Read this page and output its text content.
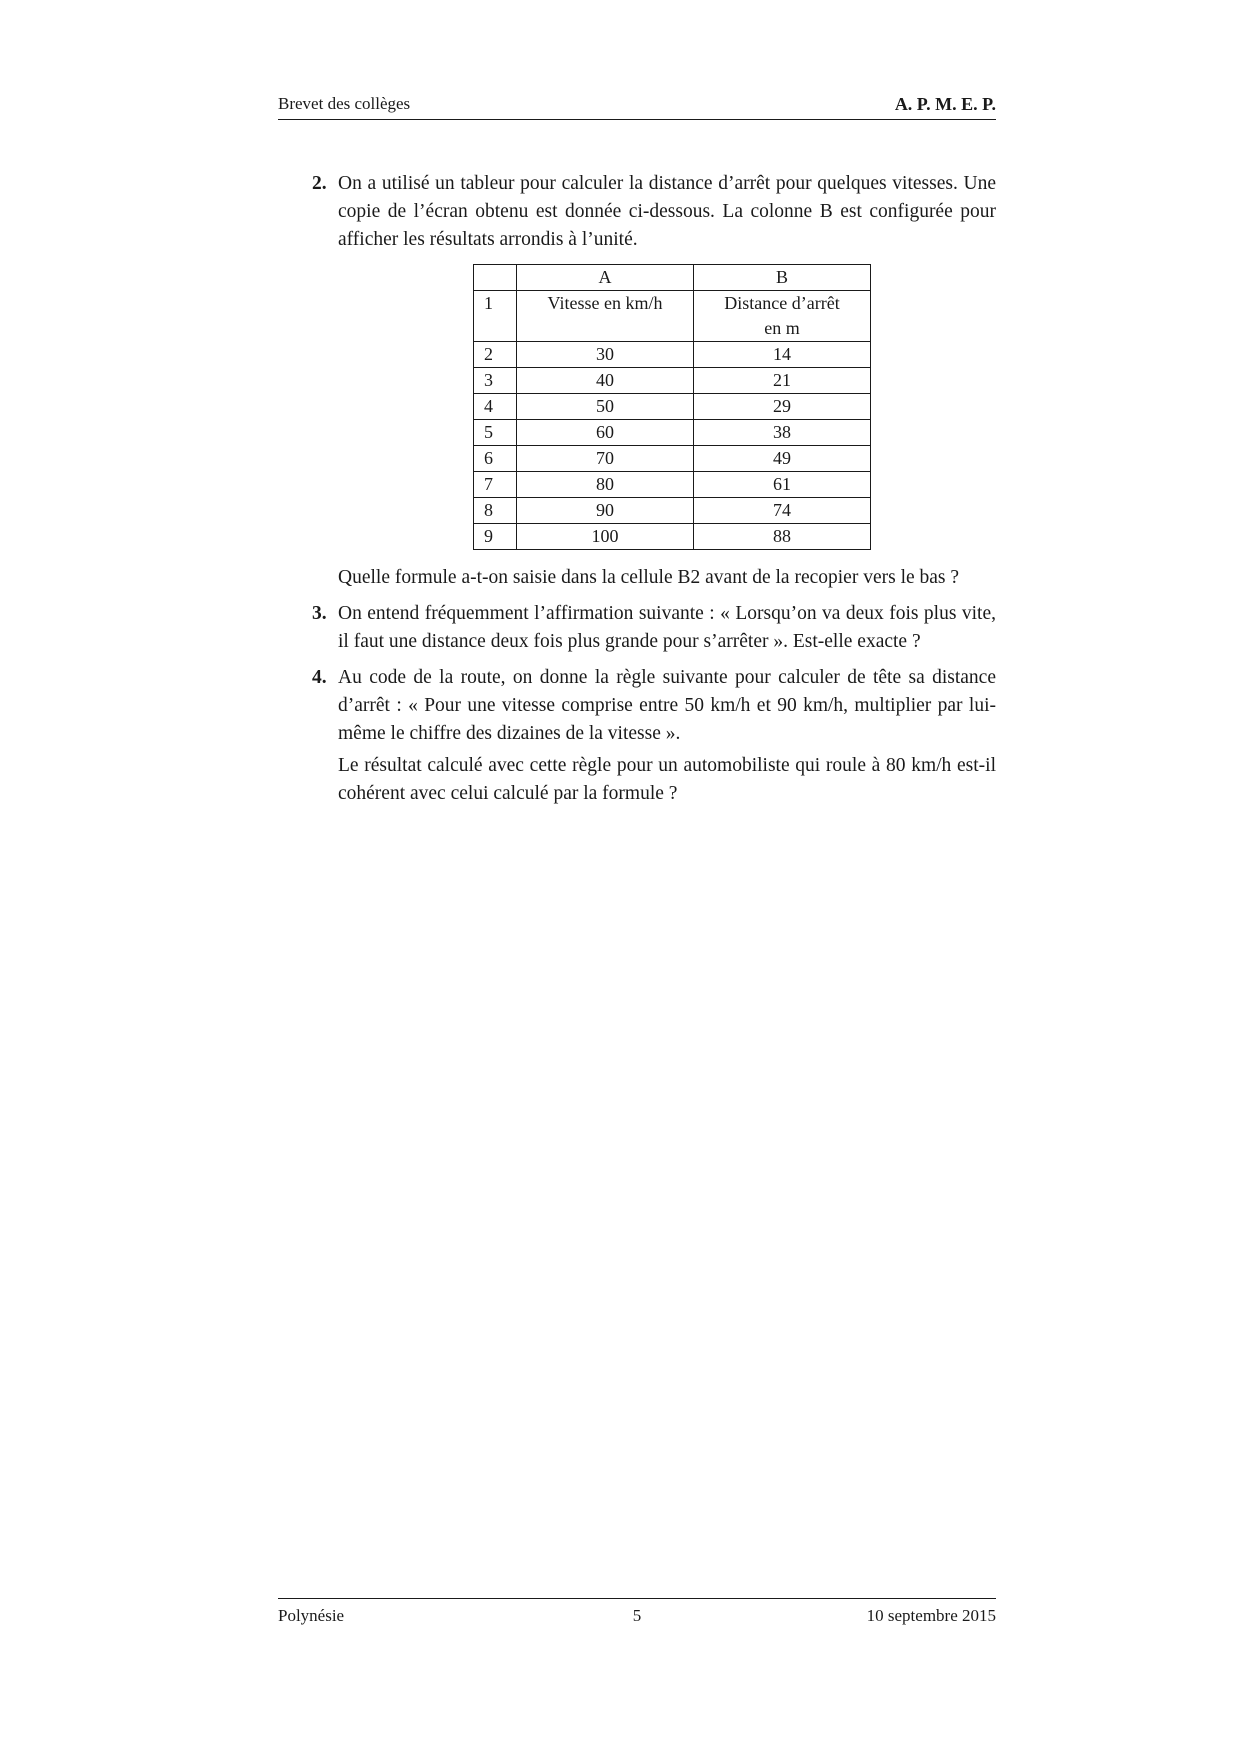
Brevet des collèges	A. P. M. E. P.
2. On a utilisé un tableur pour calculer la distance d’arrêt pour quelques vitesses. Une copie de l’écran obtenu est donnée ci-dessous. La colonne B est configurée pour afficher les résultats arrondis à l’unité.

	A	B
1	Vitesse en km/h	Distance d’arrêt
en m
2	30	14
3	40	21
4	50	29
5	60	38
6	70	49
7	80	61
8	90	74
9	100	88

Quelle formule a-t-on saisie dans la cellule B2 avant de la recopier vers le bas ?

3. On entend fréquemment l’affirmation suivante : « Lorsqu’on va deux fois plus vite, il faut une distance deux fois plus grande pour s’arrêter ». Est-elle exacte ?

4. Au code de la route, on donne la règle suivante pour calculer de tête sa distance d’arrêt : « Pour une vitesse comprise entre 50 km/h et 90 km/h, multiplier par lui-même le chiffre des dizaines de la vitesse ».

Le résultat calculé avec cette règle pour un automobiliste qui roule à 80 km/h est-il cohérent avec celui calculé par la formule ?

Polynésie	5	10 septembre 2015
